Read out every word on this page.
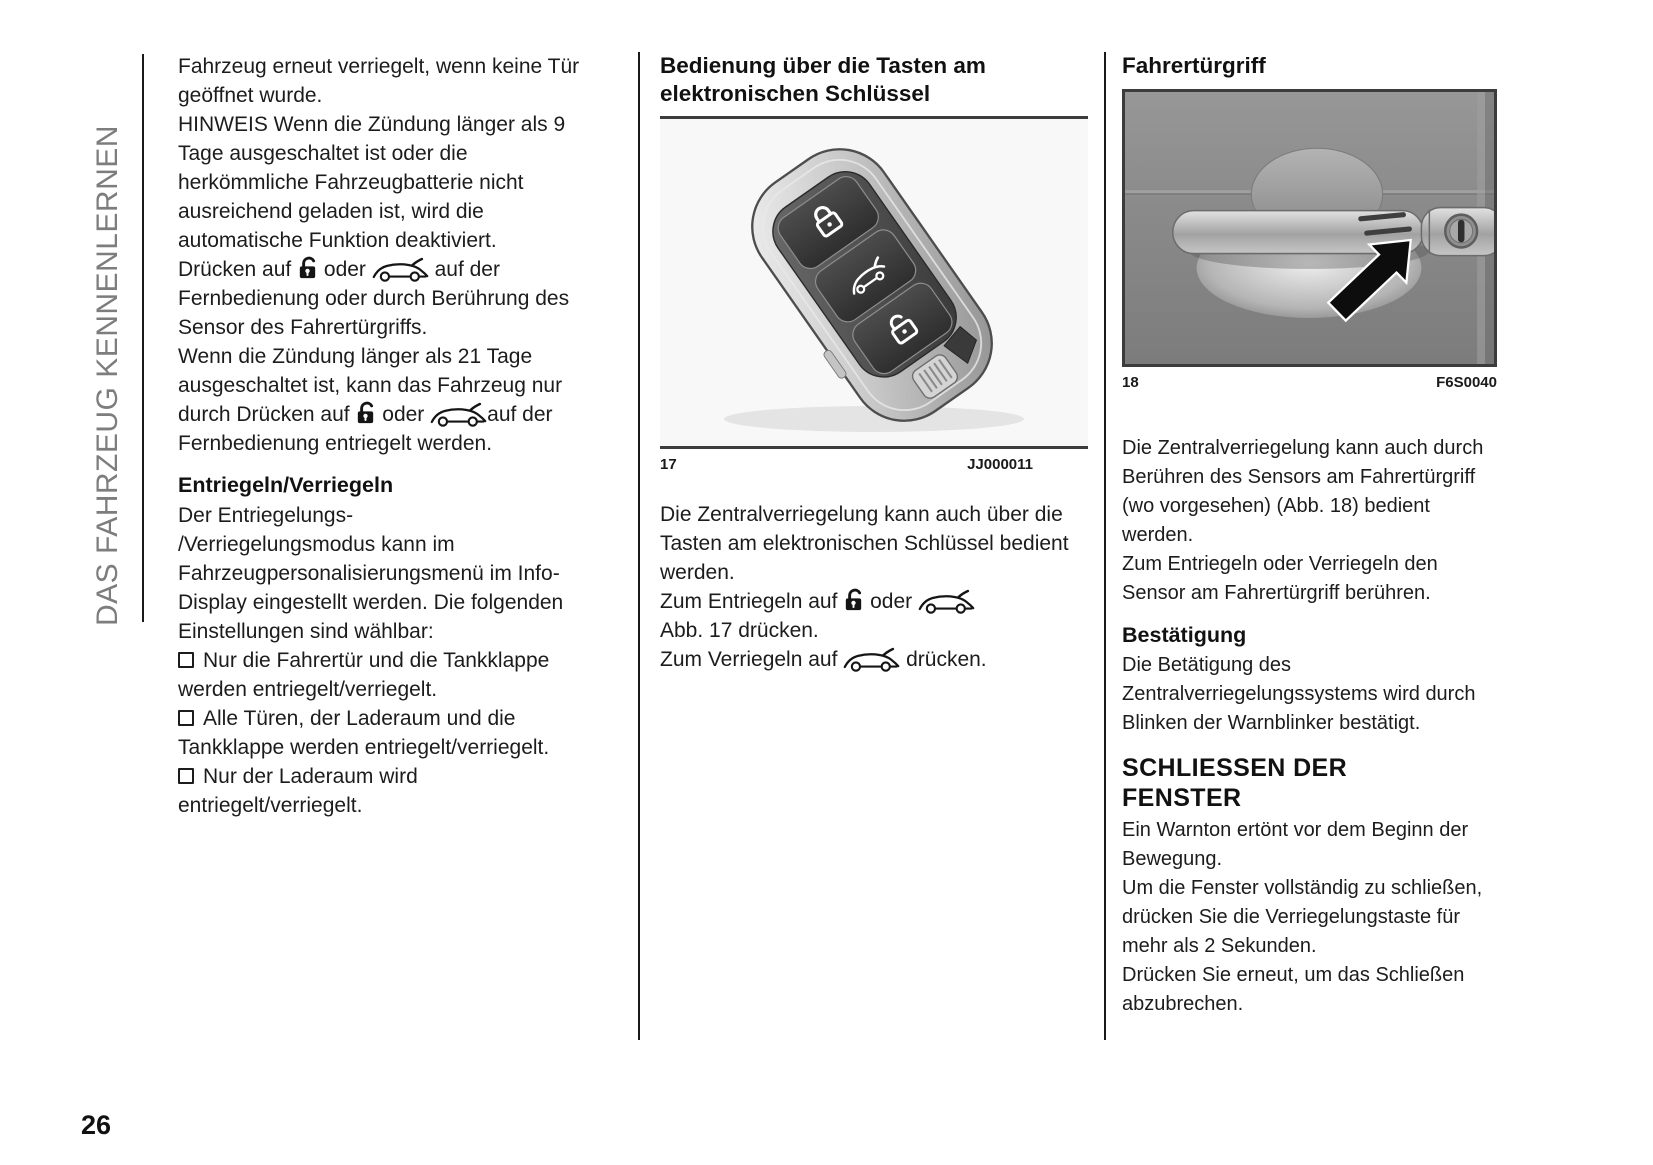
DAS FAHRZEUG KENNENLERNEN
26

Fahrzeug erneut verriegelt, wenn keine Tür geöffnet wurde.

HINWEIS Wenn die Zündung länger als 9 Tage ausgeschaltet ist oder die herkömmliche Fahrzeugbatterie nicht ausreichend geladen ist, wird die automatische Funktion deaktiviert.

Drücken auf  oder	auf der Fernbedienung oder durch Berührung des Sensor des Fahrertürgriffs.

Wenn die Zündung länger als 21 Tage ausgeschaltet ist, kann das Fahrzeug nur durch Drücken auf  oder	auf der Fernbedienung entriegelt werden.

Entriegeln/Verriegeln

Der Entriegelungs-
/Verriegelungsmodus kann im Fahrzeugpersonalisierungsmenü im Info-Display eingestellt werden. Die folgenden Einstellungen sind wählbar:

Nur die Fahrertür und die Tankklappe werden entriegelt/verriegelt.

Alle Türen, der Laderaum und die Tankklappe werden entriegelt/verriegelt.

Nur der Laderaum wird entriegelt/verriegelt.

Bedienung über die Tasten am elektronischen Schlüssel
17	JJ000011

Die Zentralverriegelung kann auch über die Tasten am elektronischen Schlüssel bedient werden.

Zum Entriegeln auf  oder
Abb. 17 drücken.

Zum Verriegeln auf	drücken.

Fahrertürgriff
18	F6S0040

Die Zentralverriegelung kann auch durch Berühren des Sensors am Fahrertürgriff (wo vorgesehen) (Abb. 18) bedient werden.

Zum Entriegeln oder Verriegeln den Sensor am Fahrertürgriff berühren.

Bestätigung

Die Betätigung des Zentralverriegelungssystems wird durch Blinken der Warnblinker bestätigt.

SCHLIESSEN DER
FENSTER

Ein Warnton ertönt vor dem Beginn der Bewegung.

Um die Fenster vollständig zu schließen, drücken Sie die Verriegelungstaste für mehr als 2 Sekunden.

Drücken Sie erneut, um das Schließen abzubrechen.
